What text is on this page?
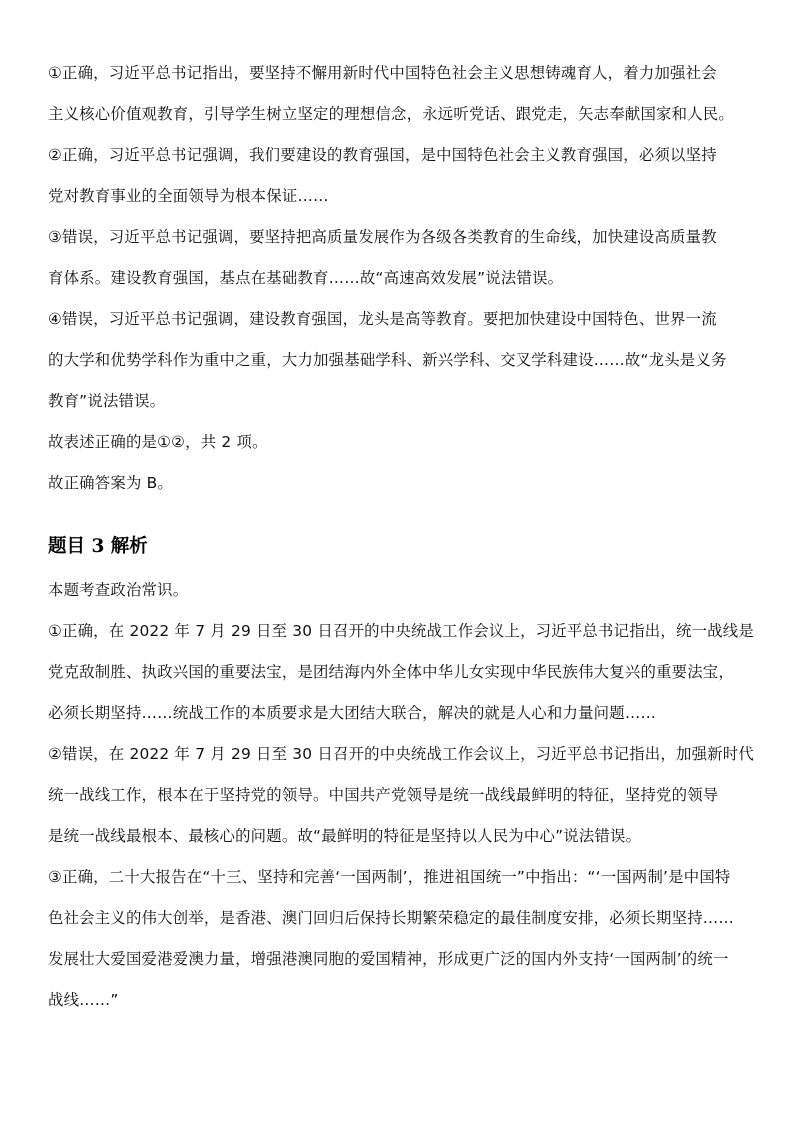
①正确，习近平总书记指出，要坚持不懈用新时代中国特色社会主义思想铸魂育人，着力加强社会
主义核心价值观教育，引导学生树立坚定的理想信念，永远听党话、跟党走，矢志奉献国家和人民。

②正确，习近平总书记强调，我们要建设的教育强国，是中国特色社会主义教育强国，必须以坚持
党对教育事业的全面领导为根本保证……

③错误，习近平总书记强调，要坚持把高质量发展作为各级各类教育的生命线，加快建设高质量教
育体系。建设教育强国，基点在基础教育……故“高速高效发展”说法错误。

④错误，习近平总书记强调，建设教育强国，龙头是高等教育。要把加快建设中国特色、世界一流
的大学和优势学科作为重中之重，大力加强基础学科、新兴学科、交叉学科建设……故“龙头是义务
教育”说法错误。

故表述正确的是①②，共 2 项。

故正确答案为 B。

题目 3 解析

本题考查政治常识。

①正确，在 2022 年 7 月 29 日至 30 日召开的中央统战工作会议上，习近平总书记指出，统一战线是
党克敌制胜、执政兴国的重要法宝，是团结海内外全体中华儿女实现中华民族伟大复兴的重要法宝，
必须长期坚持……统战工作的本质要求是大团结大联合，解决的就是人心和力量问题……

②错误，在 2022 年 7 月 29 日至 30 日召开的中央统战工作会议上，习近平总书记指出，加强新时代
统一战线工作，根本在于坚持党的领导。中国共产党领导是统一战线最鲜明的特征，坚持党的领导
是统一战线最根本、最核心的问题。故“最鲜明的特征是坚持以人民为中心”说法错误。

③正确，二十大报告在“十三、坚持和完善‘一国两制’，推进祖国统一”中指出：“‘一国两制’是中国特
色社会主义的伟大创举，是香港、澳门回归后保持长期繁荣稳定的最佳制度安排，必须长期坚持……
发展壮大爱国爱港爱澳力量，增强港澳同胞的爱国精神，形成更广泛的国内外支持‘一国两制’的统一
战线……”
